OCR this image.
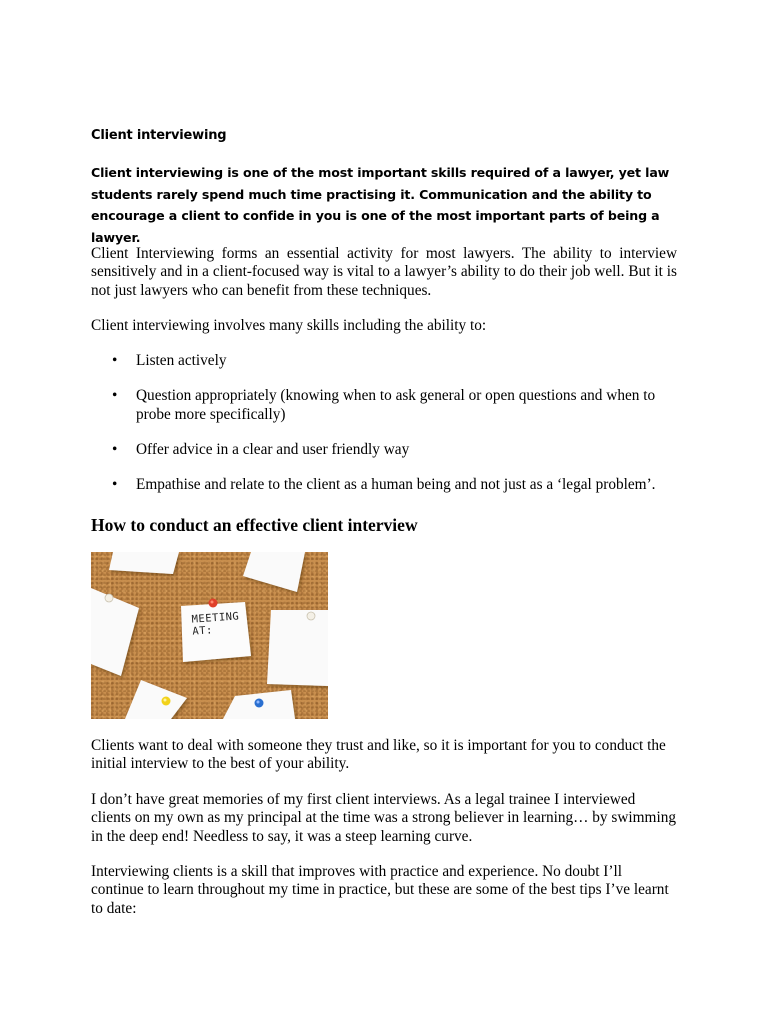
Client interviewing

Client interviewing is one of the most important skills required of a lawyer, yet law students rarely spend much time practising it. Communication and the ability to encourage a client to confide in you is one of the most important parts of being a lawyer.

Client Interviewing forms an essential activity for most lawyers. The ability to interview sensitively and in a client-focused way is vital to a lawyer’s ability to do their job well. But it is not just lawyers who can benefit from these techniques.

Client interviewing involves many skills including the ability to:

• Listen actively
• Question appropriately (knowing when to ask general or open questions and when to probe more specifically)
• Offer advice in a clear and user friendly way
• Empathise and relate to the client as a human being and not just as a ‘legal problem’.
How to conduct an effective client interview
MEETING
AT:

Clients want to deal with someone they trust and like, so it is important for you to conduct the initial interview to the best of your ability.

I don’t have great memories of my first client interviews. As a legal trainee I interviewed clients on my own as my principal at the time was a strong believer in learning… by swimming in the deep end! Needless to say, it was a steep learning curve.

Interviewing clients is a skill that improves with practice and experience. No doubt I’ll continue to learn throughout my time in practice, but these are some of the best tips I’ve learnt to date:
